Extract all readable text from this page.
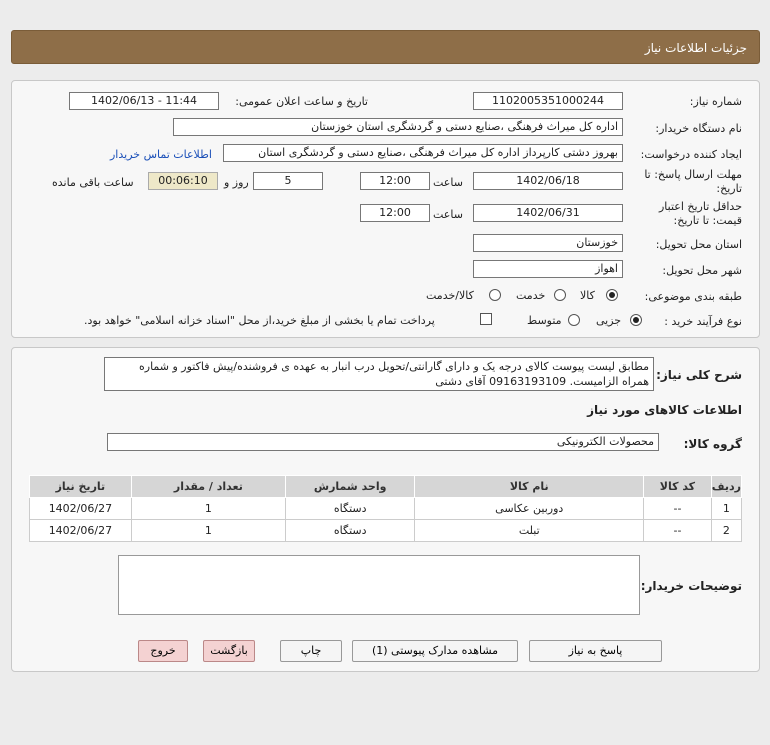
جزئیات اطلاعات نیاز
شماره نیاز:
1102005351000244
تاریخ و ساعت اعلان عمومی:
1402/06/13 - 11:44
نام دستگاه خریدار:
اداره کل میراث فرهنگی ،صنایع دستی و گردشگری استان خوزستان
ایجاد کننده درخواست:
بهروز دشتی کارپرداز اداره کل میراث فرهنگی ،صنایع دستی و گردشگری استان
اطلاعات تماس خریدار
مهلت ارسال پاسخ: تا
تاریخ:
1402/06/18
ساعت
12:00
5
روز و
00:06:10
ساعت باقی مانده
حداقل تاریخ اعتبار
قیمت: تا تاریخ:
1402/06/31
ساعت
12:00
استان محل تحویل:
خوزستان
شهر محل تحویل:
اهواز
طبقه بندی موضوعی:
کالا
خدمت
کالا/خدمت
نوع فرآیند خرید :
جزیی
متوسط
پرداخت تمام یا بخشی از مبلغ خرید،از محل "اسناد خزانه اسلامی" خواهد بود.
شرح کلی نیاز:
مطابق لیست پیوست کالای درجه یک و دارای گارانتی/تحویل درب انبار به عهده ی فروشنده/پیش فاکتور و شماره همراه الزامیست. 09163193109 آقای دشتی
اطلاعات کالاهای مورد نیاز
گروه کالا:
محصولات الکترونیکی
ردیف	کد کالا	نام کالا	واحد شمارش	تعداد / مقدار	تاریخ نیاز
1	--	دوربین عکاسی	دستگاه	1	1402/06/27
2	--	تبلت	دستگاه	1	1402/06/27
توضیحات خریدار:
پاسخ به نیاز
مشاهده مدارک پیوستی (1)
چاپ
بازگشت
خروج
